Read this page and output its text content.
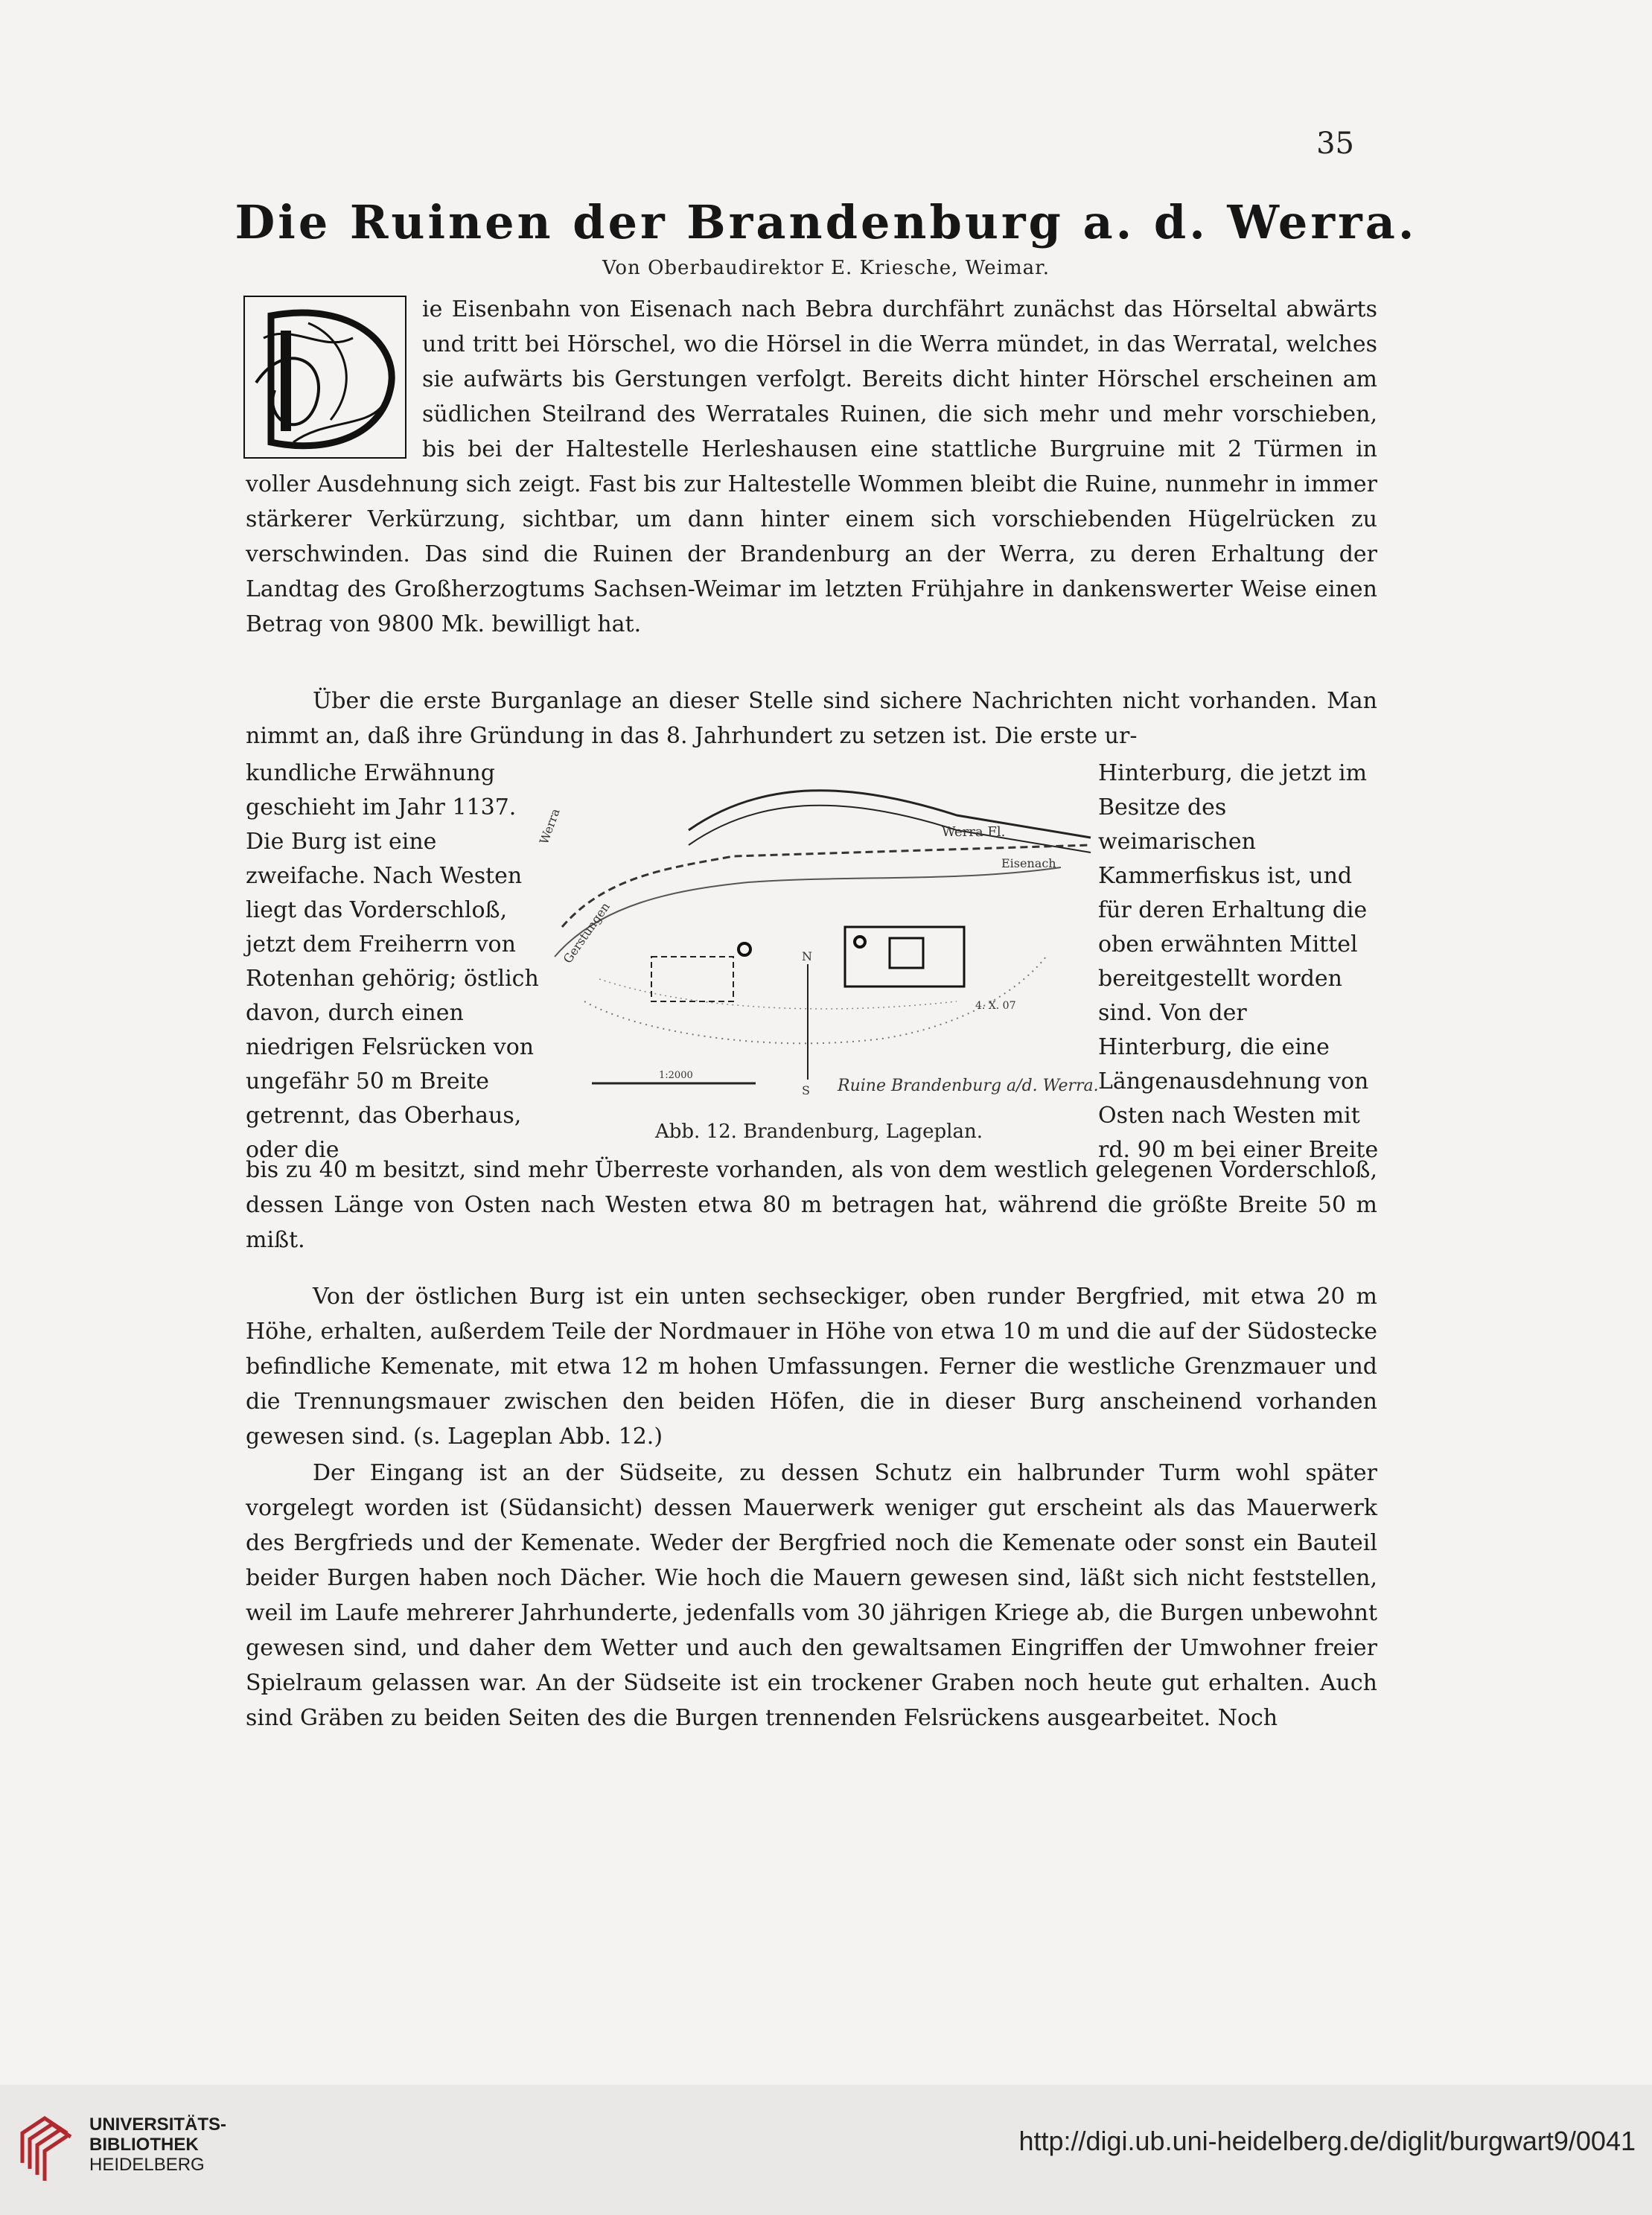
35
Die Ruinen der Brandenburg a. d. Werra.
Von Oberbaudirektor E. Kriesche, Weimar.
ie Eisenbahn von Eisenach nach Bebra durchfährt zunächst das Hörseltal abwärts und tritt bei Hörschel, wo die Hörsel in die Werra mündet, in das Werratal, welches sie aufwärts bis Gerstungen verfolgt. Bereits dicht hinter Hörschel erscheinen am südlichen Steilrand des Werratales Ruinen, die sich mehr und mehr vorschieben, bis bei der Haltestelle Herleshausen eine stattliche Burgruine mit 2 Türmen in voller Ausdehnung sich zeigt. Fast bis zur Haltestelle Wommen bleibt die Ruine, nunmehr in immer stärkerer Verkürzung, sichtbar, um dann hinter einem sich vorschiebenden Hügelrücken zu verschwinden. Das sind die Ruinen der Brandenburg an der Werra, zu deren Erhaltung der Landtag des Großherzogtums Sachsen-Weimar im letzten Frühjahre in dankenswerter Weise einen Betrag von 9800 Mk. bewilligt hat.
Über die erste Burganlage an dieser Stelle sind sichere Nachrichten nicht vorhanden. Man nimmt an, daß ihre Gründung in das 8. Jahrhundert zu setzen ist. Die erste ur-
kundliche Erwähnung geschieht im Jahr 1137. Die Burg ist eine zweifache. Nach Westen liegt das Vorderschloß, jetzt dem Freiherrn von Rotenhan gehörig; östlich davon, durch einen niedrigen Felsrücken von ungefähr 50 m Breite getrennt, das Oberhaus, oder die
Hinterburg, die jetzt im Besitze des weimarischen Kammerfiskus ist, und für deren Erhaltung die oben erwähnten Mittel bereitgestellt worden sind. Von der Hinterburg, die eine Längenausdehnung von Osten nach Westen mit rd. 90 m bei einer Breite
Werra Fl.
Eisenach
Gerstungen
Werra
Ruine Brandenburg a/d. Werra.
1:2000
N
S
4. X. 07
Abb. 12. Brandenburg, Lageplan.
bis zu 40 m besitzt, sind mehr Überreste vorhanden, als von dem westlich gelegenen Vorderschloß, dessen Länge von Osten nach Westen etwa 80 m betragen hat, während die größte Breite 50 m mißt.
Von der östlichen Burg ist ein unten sechseckiger, oben runder Bergfried, mit etwa 20 m Höhe, erhalten, außerdem Teile der Nordmauer in Höhe von etwa 10 m und die auf der Südostecke befindliche Kemenate, mit etwa 12 m hohen Umfassungen. Ferner die westliche Grenzmauer und die Trennungsmauer zwischen den beiden Höfen, die in dieser Burg anscheinend vorhanden gewesen sind. (s. Lageplan Abb. 12.)
Der Eingang ist an der Südseite, zu dessen Schutz ein halbrunder Turm wohl später vorgelegt worden ist (Südansicht) dessen Mauerwerk weniger gut erscheint als das Mauerwerk des Bergfrieds und der Kemenate. Weder der Bergfried noch die Kemenate oder sonst ein Bauteil beider Burgen haben noch Dächer. Wie hoch die Mauern gewesen sind, läßt sich nicht feststellen, weil im Laufe mehrerer Jahrhunderte, jedenfalls vom 30 jährigen Kriege ab, die Burgen unbewohnt gewesen sind, und daher dem Wetter und auch den gewaltsamen Eingriffen der Umwohner freier Spielraum gelassen war. An der Südseite ist ein trockener Graben noch heute gut erhalten. Auch sind Gräben zu beiden Seiten des die Burgen trennenden Felsrückens ausgearbeitet. Noch
UNIVERSITÄTS-
BIBLIOTHEK
HEIDELBERG
http://digi.ub.uni-heidelberg.de/diglit/burgwart9/0041
